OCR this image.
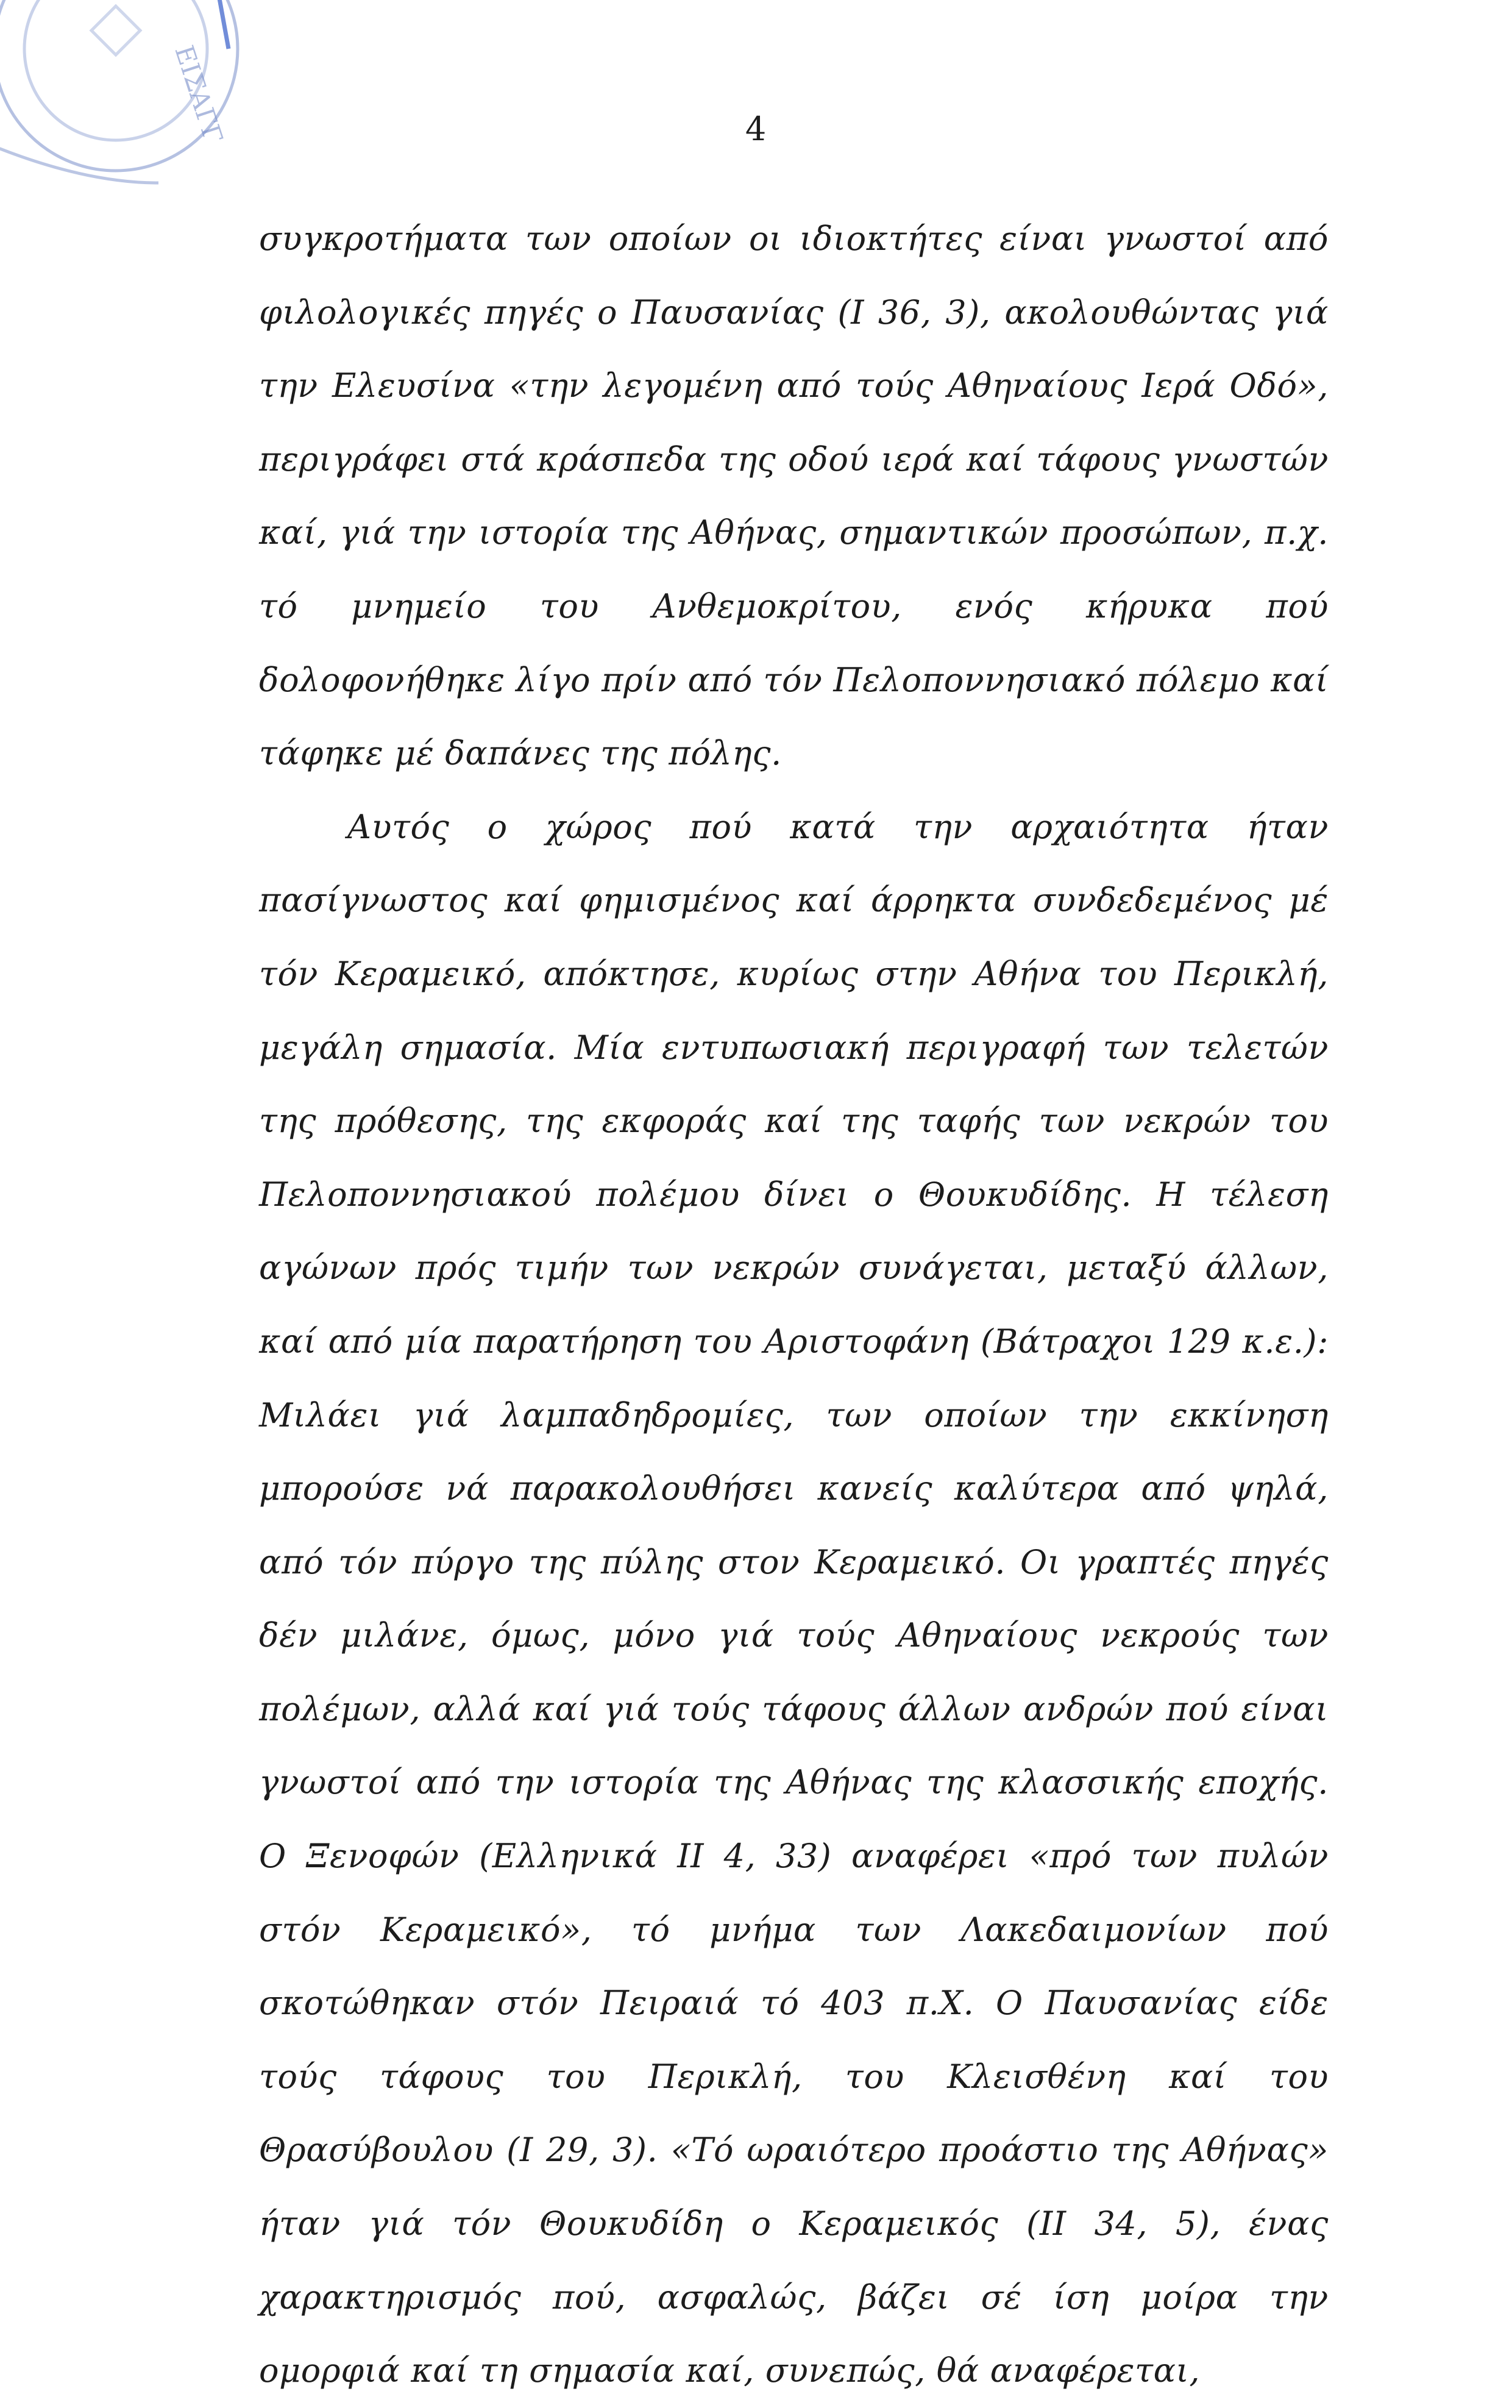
ΕΙΣΑΓΓ	4

συγκροτήματα των οποίων οι ιδιοκτήτες είναι γνωστοί από φιλολογικές πηγές ο Παυσανίας (Ι 36, 3), ακολουθώντας γιά την Ελευσίνα «την λεγομένη από τούς Αθηναίους Ιερά Οδό», περιγράφει στά κράσπεδα της οδού ιερά καί τάφους γνωστών καί, γιά την ιστορία της Αθήνας, σημαντικών προσώπων, π.χ. τό μνημείο του Ανθεμοκρίτου, ενός κήρυκα πού δολοφονήθηκε λίγο πρίν από τόν Πελοποννησιακό πόλεμο καί τάφηκε μέ δαπάνες της πόλης.

Αυτός ο χώρος πού κατά την αρχαιότητα ήταν πασίγνωστος καί φημισμένος καί άρρηκτα συνδεδεμένος μέ τόν Κεραμεικό, απόκτησε, κυρίως στην Αθήνα του Περικλή, μεγάλη σημασία. Μία εντυπωσιακή περιγραφή των τελετών της πρόθεσης, της εκφοράς καί της ταφής των νεκρών του Πελοποννησιακού πολέμου δίνει ο Θουκυδίδης. Η τέλεση αγώνων πρός τιμήν των νεκρών συνάγεται, μεταξύ άλλων, καί από μία παρατήρηση του Αριστοφάνη (Βάτραχοι 129 κ.ε.): Μιλάει γιά λαμπαδηδρομίες, των οποίων την εκκίνηση μπορούσε νά παρακολουθήσει κανείς καλύτερα από ψηλά, από τόν πύργο της πύλης στον Κεραμεικό. Οι γραπτές πηγές δέν μιλάνε, όμως, μόνο γιά τούς Αθηναίους νεκρούς των πολέμων, αλλά καί γιά τούς τάφους άλλων ανδρών πού είναι γνωστοί από την ιστορία της Αθήνας της κλασσικής εποχής. Ο Ξενοφών (Ελληνικά ΙΙ 4, 33) αναφέρει «πρό των πυλών στόν Κεραμεικό», τό μνήμα των Λακεδαιμονίων πού σκοτώθηκαν στόν Πειραιά τό 403 π.Χ. Ο Παυσανίας είδε τούς τάφους του Περικλή, του Κλεισθένη καί του Θρασύβουλου (Ι 29, 3). «Τό ωραιότερο προάστιο της Αθήνας» ήταν γιά τόν Θουκυδίδη ο Κεραμεικός (ΙΙ 34, 5), ένας χαρακτηρισμός πού, ασφαλώς, βάζει σέ ίση μοίρα την ομορφιά καί τη σημασία καί, συνεπώς, θά αναφέρεται,
